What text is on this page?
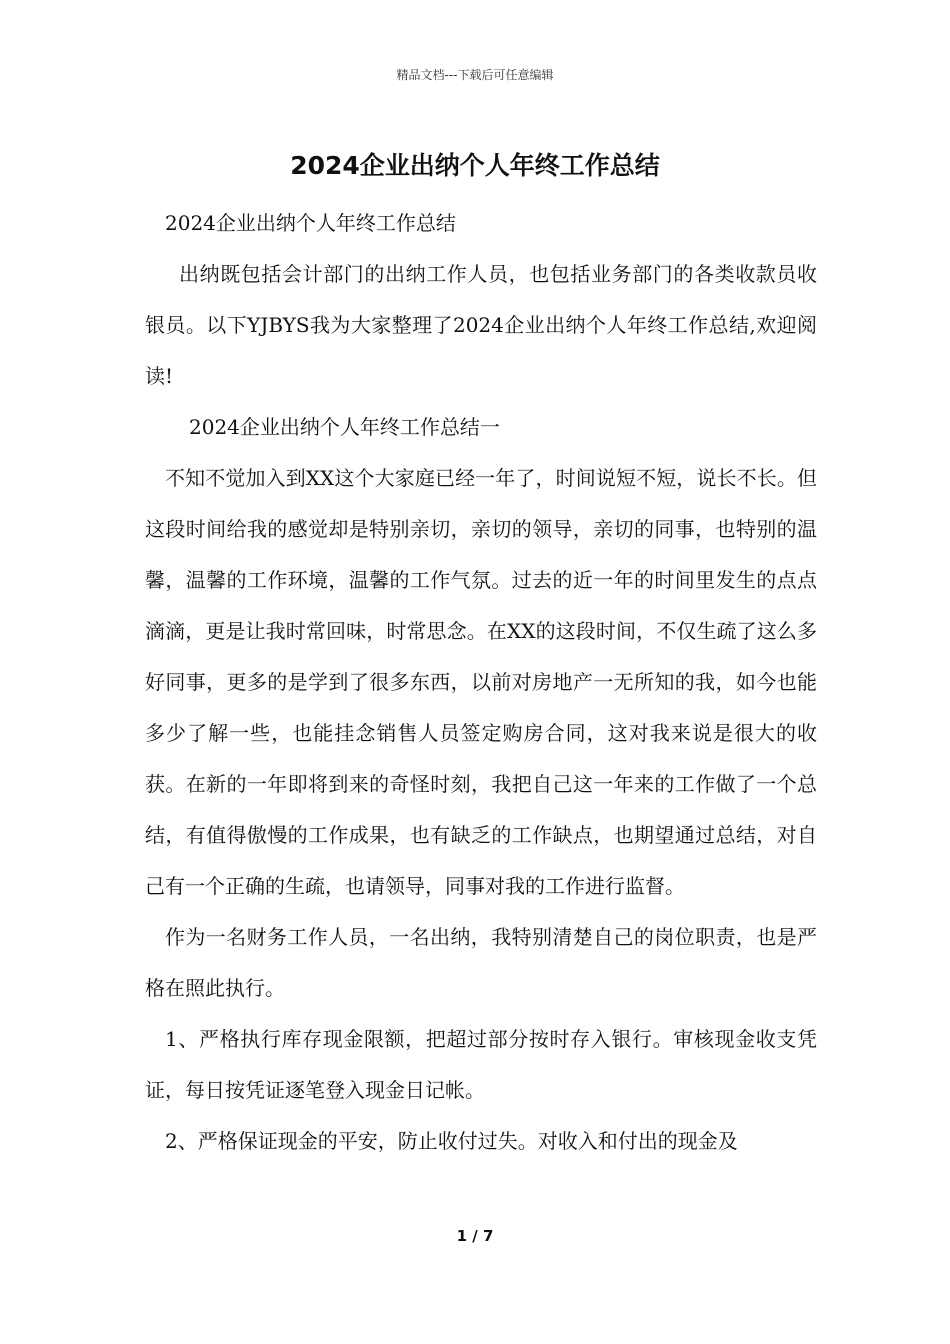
精品文档---下载后可任意编辑
2024企业出纳个人年终工作总结

2024企业出纳个人年终工作总结

出纳既包括会计部门的出纳工作人员，也包括业务部门的各类收款员收银员。以下YJBYS我为大家整理了2024企业出纳个人年终工作总结,欢迎阅读!

2024企业出纳个人年终工作总结一

不知不觉加入到XX这个大家庭已经一年了，时间说短不短，说长不长。但这段时间给我的感觉却是特别亲切，亲切的领导，亲切的同事，也特别的温馨，温馨的工作环境，温馨的工作气氛。过去的近一年的时间里发生的点点滴滴，更是让我时常回味，时常思念。在XX的这段时间，不仅生疏了这么多好同事，更多的是学到了很多东西，以前对房地产一无所知的我，如今也能多少了解一些，也能挂念销售人员签定购房合同，这对我来说是很大的收获。在新的一年即将到来的奇怪时刻，我把自己这一年来的工作做了一个总结，有值得傲慢的工作成果，也有缺乏的工作缺点，也期望通过总结，对自己有一个正确的生疏，也请领导，同事对我的工作进行监督。

作为一名财务工作人员，一名出纳，我特别清楚自己的岗位职责，也是严格在照此执行。

1、严格执行库存现金限额，把超过部分按时存入银行。审核现金收支凭证，每日按凭证逐笔登入现金日记帐。

2、严格保证现金的平安，防止收付过失。对收入和付出的现金及

1 / 7
